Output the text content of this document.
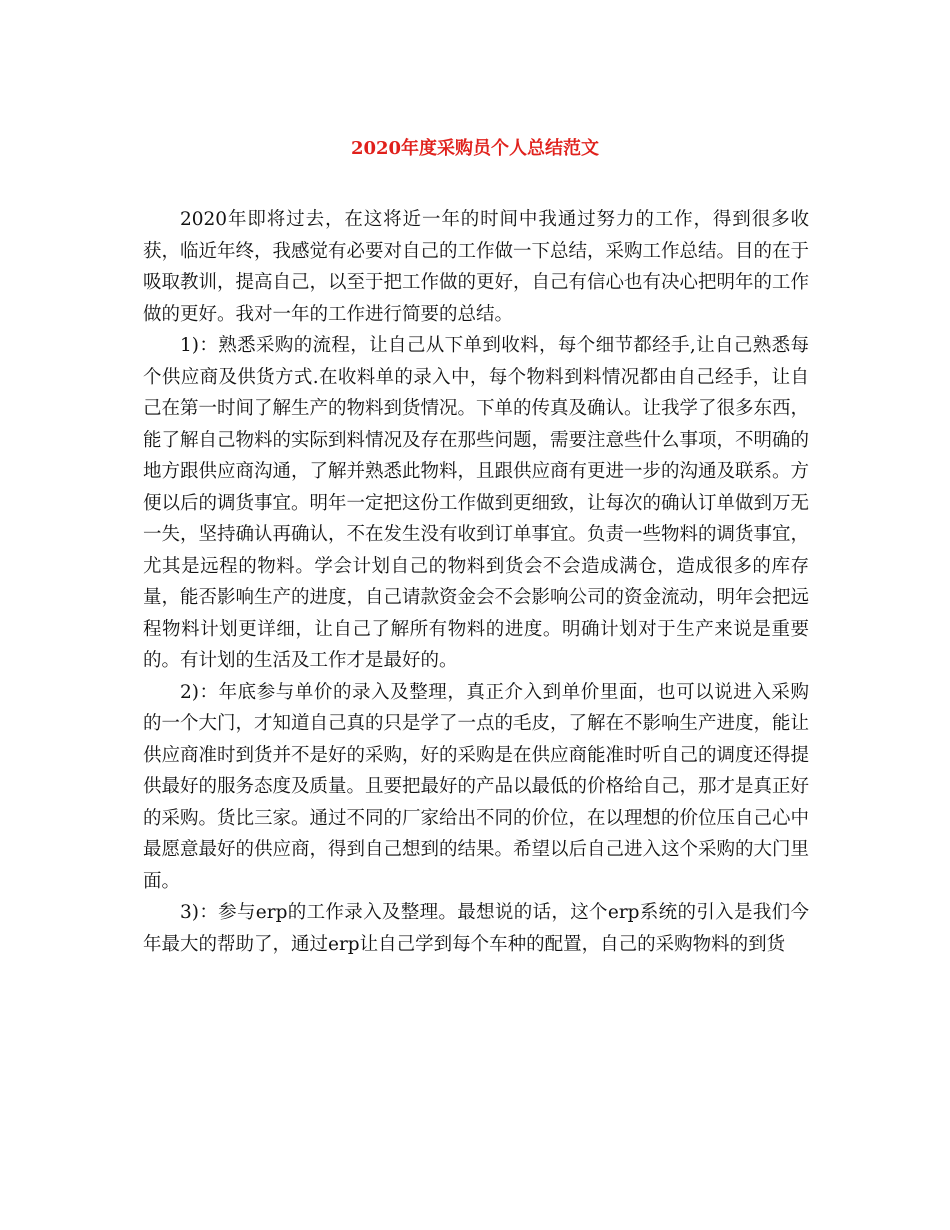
2020年度采购员个人总结范文

2020年即将过去，在这将近一年的时间中我通过努力的工作，得到很多收获，临近年终，我感觉有必要对自己的工作做一下总结，采购工作总结。目的在于吸取教训，提高自己，以至于把工作做的更好，自己有信心也有决心把明年的工作做的更好。我对一年的工作进行简要的总结。

1)：熟悉采购的流程，让自己从下单到收料，每个细节都经手,让自己熟悉每个供应商及供货方式.在收料单的录入中，每个物料到料情况都由自己经手，让自己在第一时间了解生产的物料到货情况。下单的传真及确认。让我学了很多东西，能了解自己物料的实际到料情况及存在那些问题，需要注意些什么事项，不明确的地方跟供应商沟通，了解并熟悉此物料，且跟供应商有更进一步的沟通及联系。方便以后的调货事宜。明年一定把这份工作做到更细致，让每次的确认订单做到万无一失，坚持确认再确认，不在发生没有收到订单事宜。负责一些物料的调货事宜，尤其是远程的物料。学会计划自己的物料到货会不会造成满仓，造成很多的库存量，能否影响生产的进度，自己请款资金会不会影响公司的资金流动，明年会把远程物料计划更详细，让自己了解所有物料的进度。明确计划对于生产来说是重要的。有计划的生活及工作才是最好的。

2)：年底参与单价的录入及整理，真正介入到单价里面，也可以说进入采购的一个大门，才知道自己真的只是学了一点的毛皮，了解在不影响生产进度，能让供应商准时到货并不是好的采购，好的采购是在供应商能准时听自己的调度还得提供最好的服务态度及质量。且要把最好的产品以最低的价格给自己，那才是真正好的采购。货比三家。通过不同的厂家给出不同的价位，在以理想的价位压自己心中最愿意最好的供应商，得到自己想到的结果。希望以后自己进入这个采购的大门里面。

3)：参与erp的工作录入及整理。最想说的话，这个erp系统的引入是我们今年最大的帮助了，通过erp让自己学到每个车种的配置，自己的采购物料的到货
